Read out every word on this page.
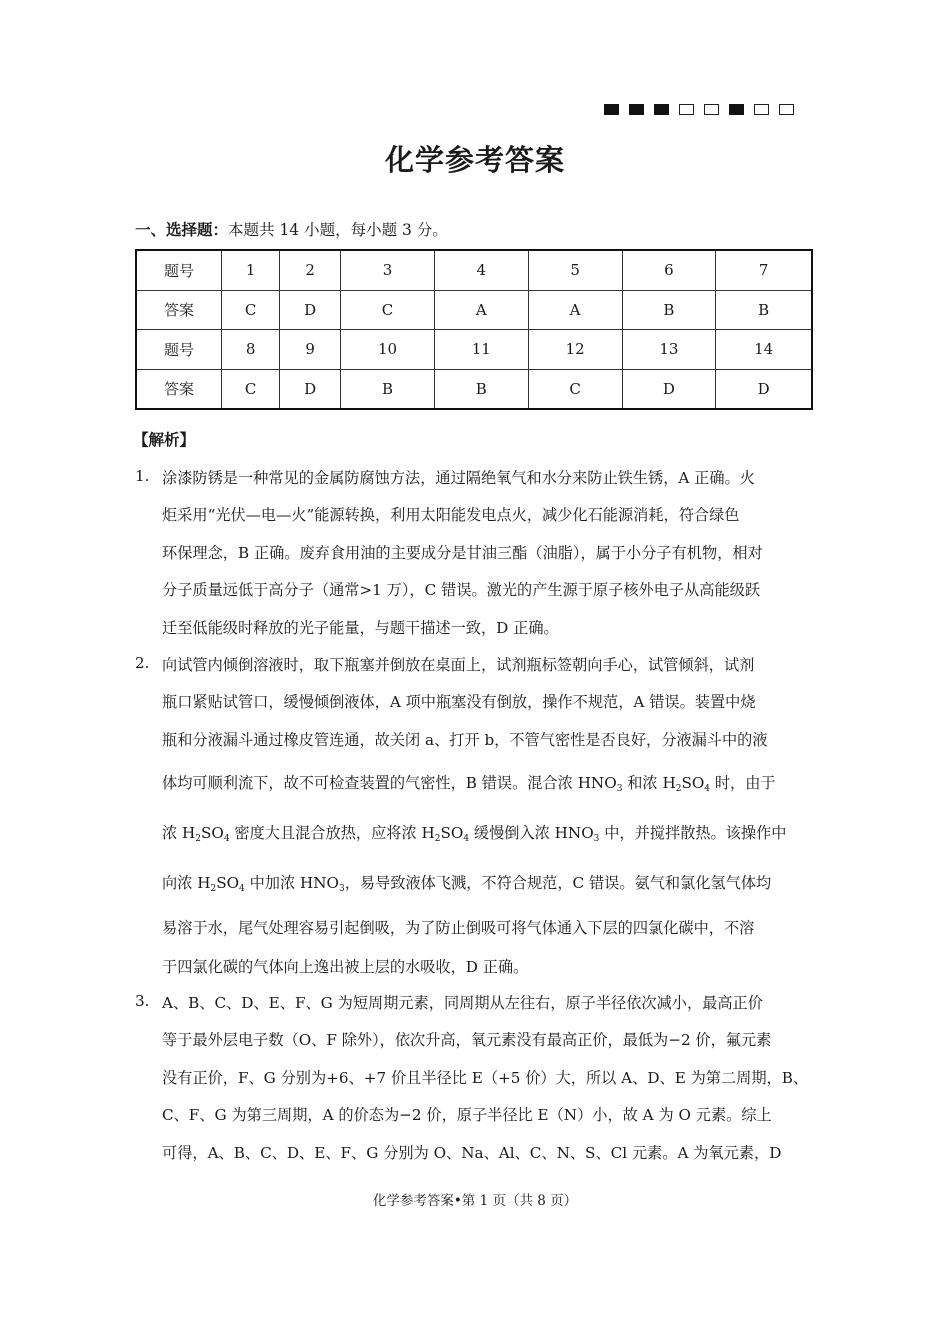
化学参考答案
一、选择题：本题共 14 小题，每小题 3 分。
题号	1	2	3	4	5	6	7
答案	C	D	C	A	A	B	B
题号	8	9	10	11	12	13	14
答案	C	D	B	B	C	D	D
【解析】
1. 涂漆防锈是一种常见的金属防腐蚀方法，通过隔绝氧气和水分来防止铁生锈，A 正确。火
炬采用“光伏—电—火”能源转换，利用太阳能发电点火，减少化石能源消耗，符合绿色
环保理念，B 正确。废弃食用油的主要成分是甘油三酯（油脂），属于小分子有机物，相对
分子质量远低于高分子（通常>1 万），C 错误。激光的产生源于原子核外电子从高能级跃
迁至低能级时释放的光子能量，与题干描述一致，D 正确。
2. 向试管内倾倒溶液时，取下瓶塞并倒放在桌面上，试剂瓶标签朝向手心，试管倾斜，试剂
瓶口紧贴试管口，缓慢倾倒液体，A 项中瓶塞没有倒放，操作不规范，A 错误。装置中烧
瓶和分液漏斗通过橡皮管连通，故关闭 a、打开 b，不管气密性是否良好，分液漏斗中的液
体均可顺利流下，故不可检查装置的气密性，B 错误。混合浓 $HNO_3$ 和浓 $H_2SO_4$ 时，由于
浓 $H_2SO_4$ 密度大且混合放热，应将浓 $H_2SO_4$ 缓慢倒入浓 $HNO_3$ 中，并搅拌散热。该操作中
向浓 $H_2SO_4$ 中加浓 $HNO_3$，易导致液体飞溅，不符合规范，C 错误。氨气和氯化氢气体均
易溶于水，尾气处理容易引起倒吸，为了防止倒吸可将气体通入下层的四氯化碳中，不溶
于四氯化碳的气体向上逸出被上层的水吸收，D 正确。
3. A、B、C、D、E、F、G 为短周期元素，同周期从左往右，原子半径依次减小，最高正价
等于最外层电子数（O、F 除外），依次升高，氧元素没有最高正价，最低为−2 价，氟元素
没有正价，F、G 分别为+6、+7 价且半径比 E（+5 价）大，所以 A、D、E 为第二周期，B、
C、F、G 为第三周期，A 的价态为−2 价，原子半径比 E（N）小，故 A 为 O 元素。综上
可得，A、B、C、D、E、F、G 分别为 O、Na、Al、C、N、S、Cl 元素。A 为氧元素，D
化学参考答案•第 1 页（共 8 页）
